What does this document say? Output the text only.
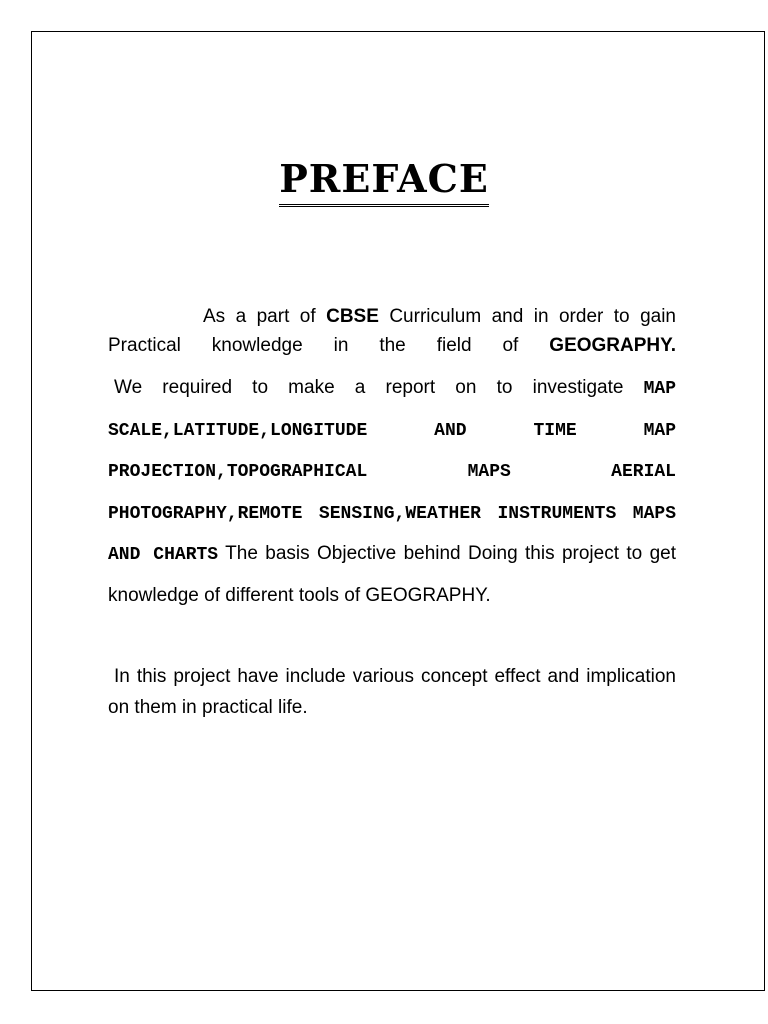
PREFACE
As a part of CBSE Curriculum and in order to gain Practical knowledge in the field of GEOGRAPHY.
We required to make a report on to investigate MAP SCALE,LATITUDE,LONGITUDE AND TIME MAP PROJECTION,TOPOGRAPHICAL MAPS AERIAL PHOTOGRAPHY,REMOTE SENSING,WEATHER INSTRUMENTS MAPS AND CHARTS The basis Objective behind Doing this project to get knowledge of different tools of GEOGRAPHY.
In this project have include various concept effect and implication on them in practical life.
